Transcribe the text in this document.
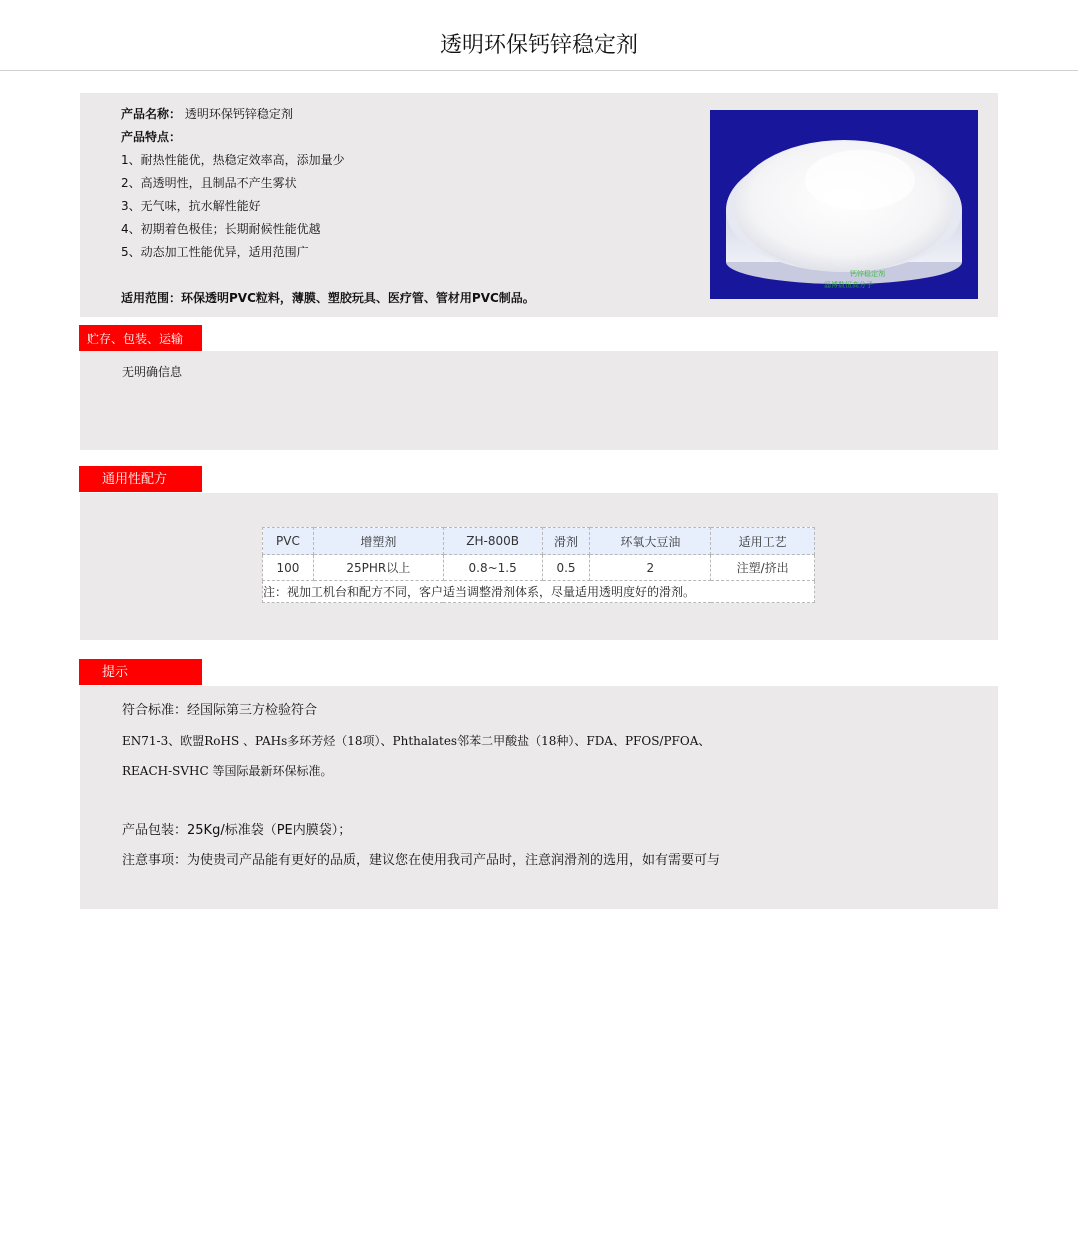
透明环保钙锌稳定剂
产品名称： 透明环保钙锌稳定剂
产品特点：
1、耐热性能优，热稳定效率高，添加量少
2、高透明性，且制品不产生雾状
3、无气味，抗水解性能好
4、初期着色极佳；长期耐候性能优越
5、动态加工性能优异，适用范围广
适用范围：环保透明PVC粒料，薄膜、塑胶玩具、医疗管、管材用PVC制品。
钙锌稳定剂
淄博数恒高分子
贮存、包装、运输
无明确信息
通用性配方
PVC	增塑剂	ZH-800B	滑剂	环氧大豆油	适用工艺
100	25PHR以上	0.8~1.5	0.5	2	注塑/挤出
注：视加工机台和配方不同，客户适当调整滑剂体系，尽量适用透明度好的滑剂。					
提示
符合标准：经国际第三方检验符合
EN71-3、欧盟RoHS 、PAHs多环芳烃（18项）、Phthalates邻苯二甲酸盐（18种）、FDA、PFOS/PFOA、
REACH-SVHC 等国际最新环保标准。
产品包装：25Kg/标准袋（PE内膜袋）；
注意事项：为使贵司产品能有更好的品质，建议您在使用我司产品时，注意润滑剂的选用，如有需要可与
